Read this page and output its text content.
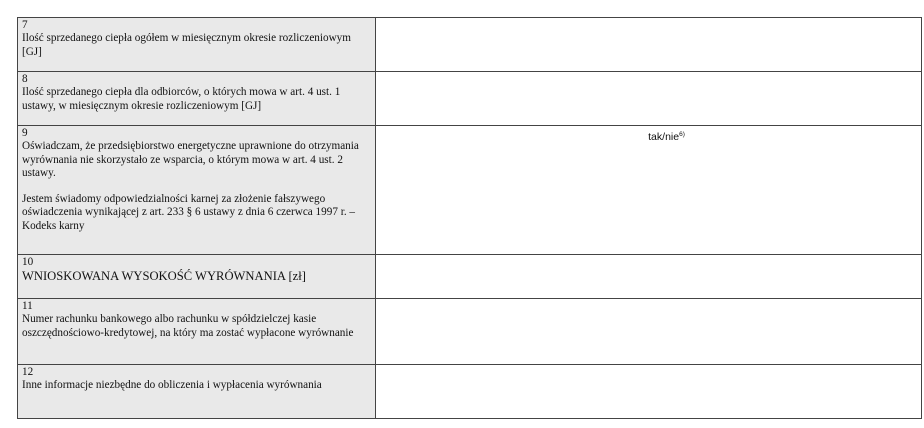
7
Ilość sprzedanego ciepła ogółem w miesięcznym okresie rozliczeniowym [GJ]	

8
Ilość sprzedanego ciepła dla odbiorców, o których mowa w art. 4 ust. 1 ustawy, w miesięcznym okresie rozliczeniowym [GJ]	

9
Oświadczam, że przedsiębiorstwo energetyczne uprawnione do otrzymania wyrównania nie skorzystało ze wsparcia, o którym mowa w art. 4 ust. 2 ustawy.
Jestem świadomy odpowiedzialności karnej za złożenie fałszywego oświadczenia wynikającej z art. 233 § 6 ustawy z dnia 6 czerwca 1997 r. – Kodeks karny	tak/nie$^{6)}$

10
WNIOSKOWANA WYSOKOŚĆ WYRÓWNANIA [zł]	

11
Numer rachunku bankowego albo rachunku w spółdzielczej kasie oszczędnościowo-kredytowej, na który ma zostać wypłacone wyrównanie	

12
Inne informacje niezbędne do obliczenia i wypłacenia wyrównania	
